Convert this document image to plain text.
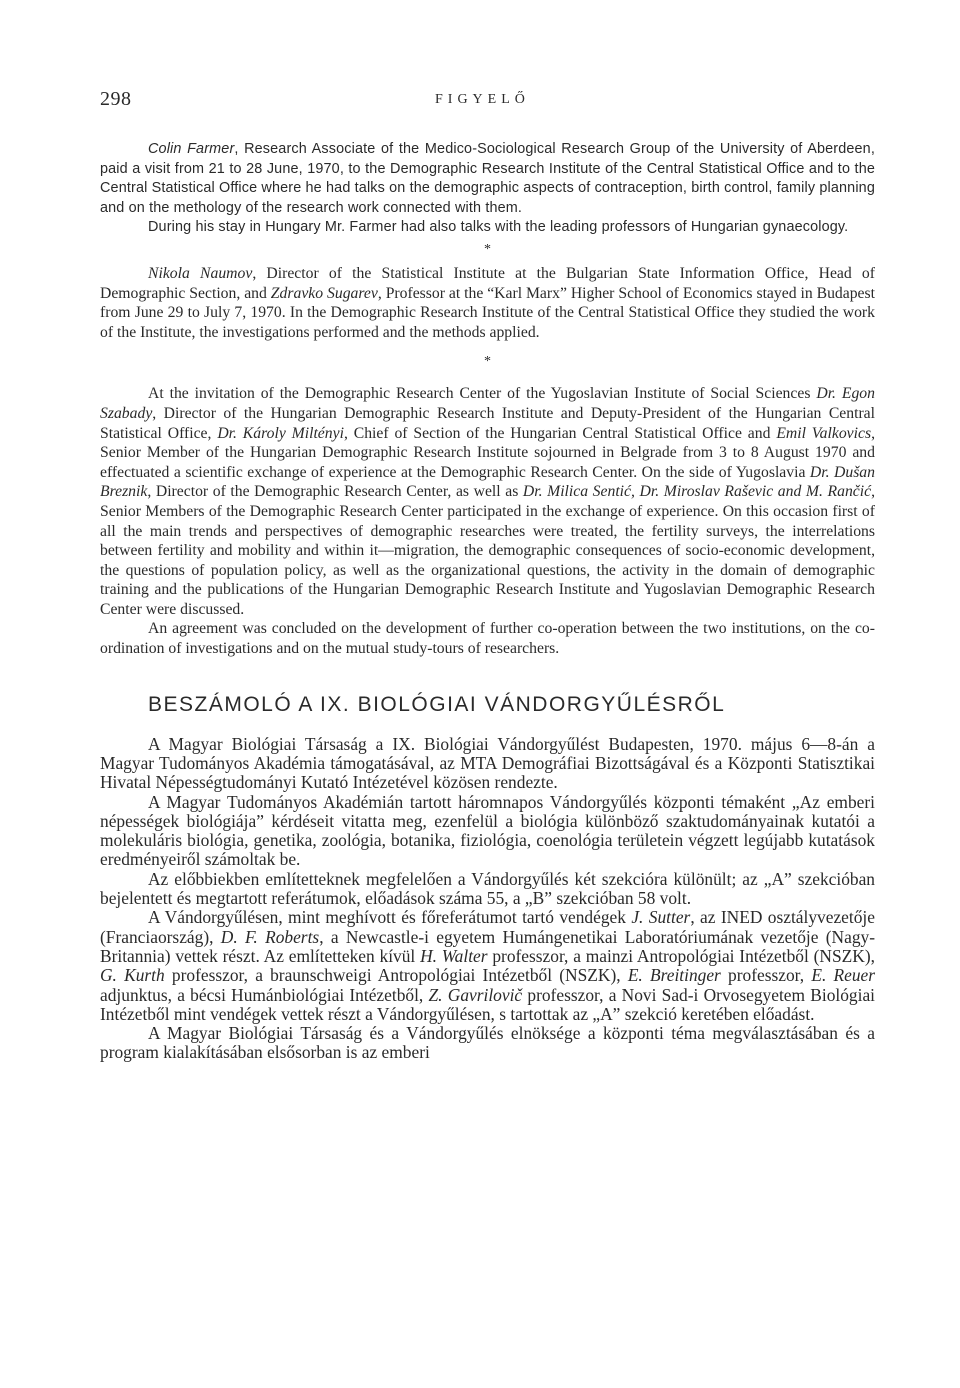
298	FIGYELŐ

Colin Farmer, Research Associate of the Medico-Sociological Research Group of the University of Aberdeen, paid a visit from 21 to 28 June, 1970, to the Demographic Research Institute of the Central Statistical Office and to the Central Statistical Office where he had talks on the demographic aspects of contraception, birth control, family planning and on the methology of the research work connected with them.

During his stay in Hungary Mr. Farmer had also talks with the leading professors of Hungarian gynaecology.

*

Nikola Naumov, Director of the Statistical Institute at the Bulgarian State Information Office, Head of Demographic Section, and Zdravko Sugarev, Professor at the “Karl Marx” Higher School of Economics stayed in Budapest from June 29 to July 7, 1970. In the Demographic Research Institute of the Central Statistical Office they studied the work of the Institute, the investigations performed and the methods applied.

*

At the invitation of the Demographic Research Center of the Yugoslavian Institute of Social Sciences Dr. Egon Szabady, Director of the Hungarian Demographic Research Institute and Deputy-President of the Hungarian Central Statistical Office, Dr. Károly Miltényi, Chief of Section of the Hungarian Central Statistical Office and Emil Valkovics, Senior Member of the Hungarian Demographic Research Institute sojourned in Belgrade from 3 to 8 August 1970 and effectuated a scientific exchange of experience at the Demographic Research Center. On the side of Yugoslavia Dr. Dušan Breznik, Director of the Demographic Research Center, as well as Dr. Milica Sentić, Dr. Miroslav Raševic and M. Rančić, Senior Members of the Demographic Research Center participated in the exchange of experience. On this occasion first of all the main trends and perspectives of demographic researches were treated, the fertility surveys, the interrelations between fertility and mobility and within it—migration, the demographic consequences of socio-economic development, the questions of population policy, as well as the organizational questions, the activity in the domain of demographic training and the publications of the Hungarian Demographic Research Institute and Yugoslavian Demographic Research Center were discussed.

An agreement was concluded on the development of further co-operation between the two institutions, on the co-ordination of investigations and on the mutual study-tours of researchers.

BESZÁMOLÓ A IX. BIOLÓGIAI VÁNDORGYŰLÉSRŐL

A Magyar Biológiai Társaság a IX. Biológiai Vándorgyűlést Budapesten, 1970. május 6—8-án a Magyar Tudományos Akadémia támogatásával, az MTA Demográfiai Bizottságával és a Központi Statisztikai Hivatal Népességtudományi Kutató Intézetével közösen rendezte.

A Magyar Tudományos Akadémián tartott háromnapos Vándorgyűlés központi témaként „Az emberi népességek biológiája” kérdéseit vitatta meg, ezenfelül a biológia különböző szaktudományainak kutatói a molekuláris biológia, genetika, zoológia, botanika, fiziológia, coenológia területein végzett legújabb kutatások eredményeiről számoltak be.

Az előbbiekben említetteknek megfelelően a Vándorgyűlés két szekcióra különült; az „A” szekcióban bejelentett és megtartott referátumok, előadások száma 55, a „B” szekcióban 58 volt.

A Vándorgyűlésen, mint meghívott és főreferátumot tartó vendégek J. Sutter, az INED osztályvezetője (Franciaország), D. F. Roberts, a Newcastle-i egyetem Humángenetikai Laboratóriumának vezetője (Nagy-Britannia) vettek részt. Az említetteken kívül H. Walter professzor, a mainzi Antropológiai Intézetből (NSZK), G. Kurth professzor, a braunschweigi Antropológiai Intézetből (NSZK), E. Breitinger professzor, E. Reuer adjunktus, a bécsi Humánbiológiai Intézetből, Z. Gavrilovič professzor, a Novi Sad-i Orvosegyetem Biológiai Intézetből mint vendégek vettek részt a Vándorgyűlésen, s tartottak az „A” szekció keretében előadást.

A Magyar Biológiai Társaság és a Vándorgyűlés elnöksége a központi téma megválasztásában és a program kialakításában elsősorban is az emberi
